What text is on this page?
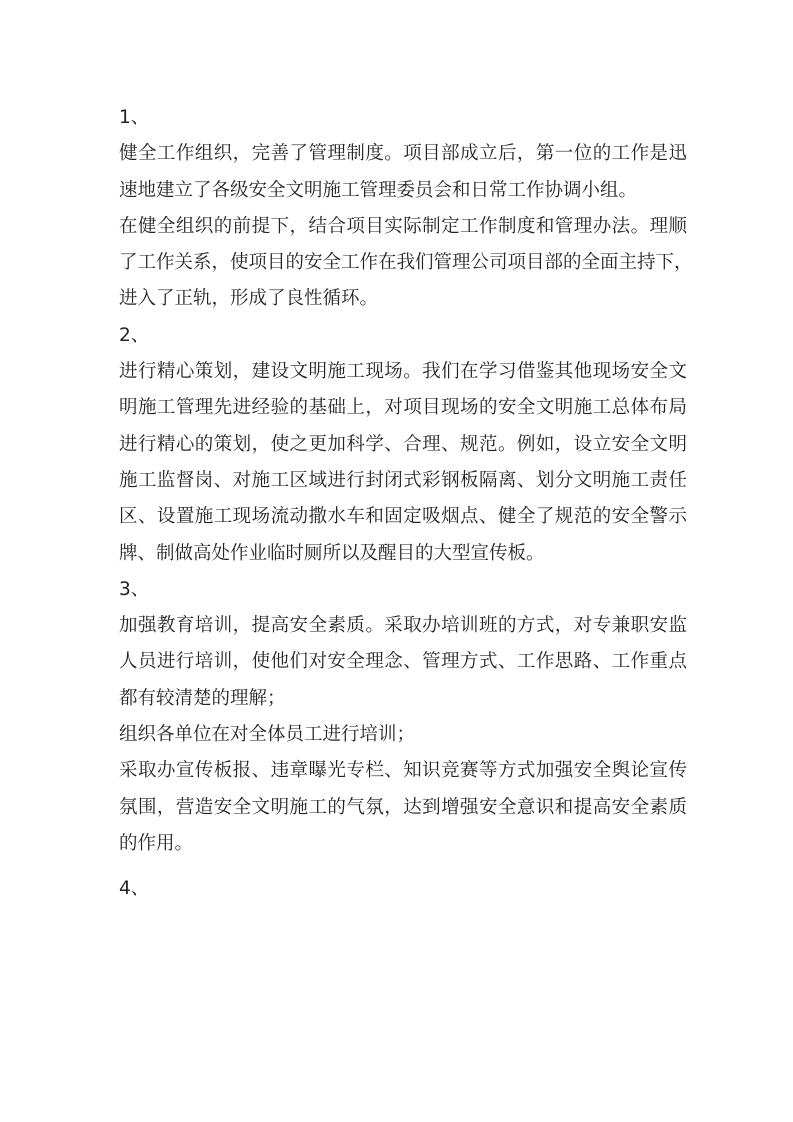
1、
健全工作组织，完善了管理制度。项目部成立后，第一位的工作是迅
速地建立了各级安全文明施工管理委员会和日常工作协调小组。
在健全组织的前提下，结合项目实际制定工作制度和管理办法。理顺
了工作关系，使项目的安全工作在我们管理公司项目部的全面主持下，
进入了正轨，形成了良性循环。
2、
进行精心策划，建设文明施工现场。我们在学习借鉴其他现场安全文
明施工管理先进经验的基础上，对项目现场的安全文明施工总体布局
进行精心的策划，使之更加科学、合理、规范。例如，设立安全文明
施工监督岗、对施工区域进行封闭式彩钢板隔离、划分文明施工责任
区、设置施工现场流动撒水车和固定吸烟点、健全了规范的安全警示
牌、制做高处作业临时厕所以及醒目的大型宣传板。
3、
加强教育培训，提高安全素质。采取办培训班的方式，对专兼职安监
人员进行培训，使他们对安全理念、管理方式、工作思路、工作重点
都有较清楚的理解；
组织各单位在对全体员工进行培训；
采取办宣传板报、违章曝光专栏、知识竞赛等方式加强安全舆论宣传
氛围，营造安全文明施工的气氛，达到增强安全意识和提高安全素质
的作用。
4、
